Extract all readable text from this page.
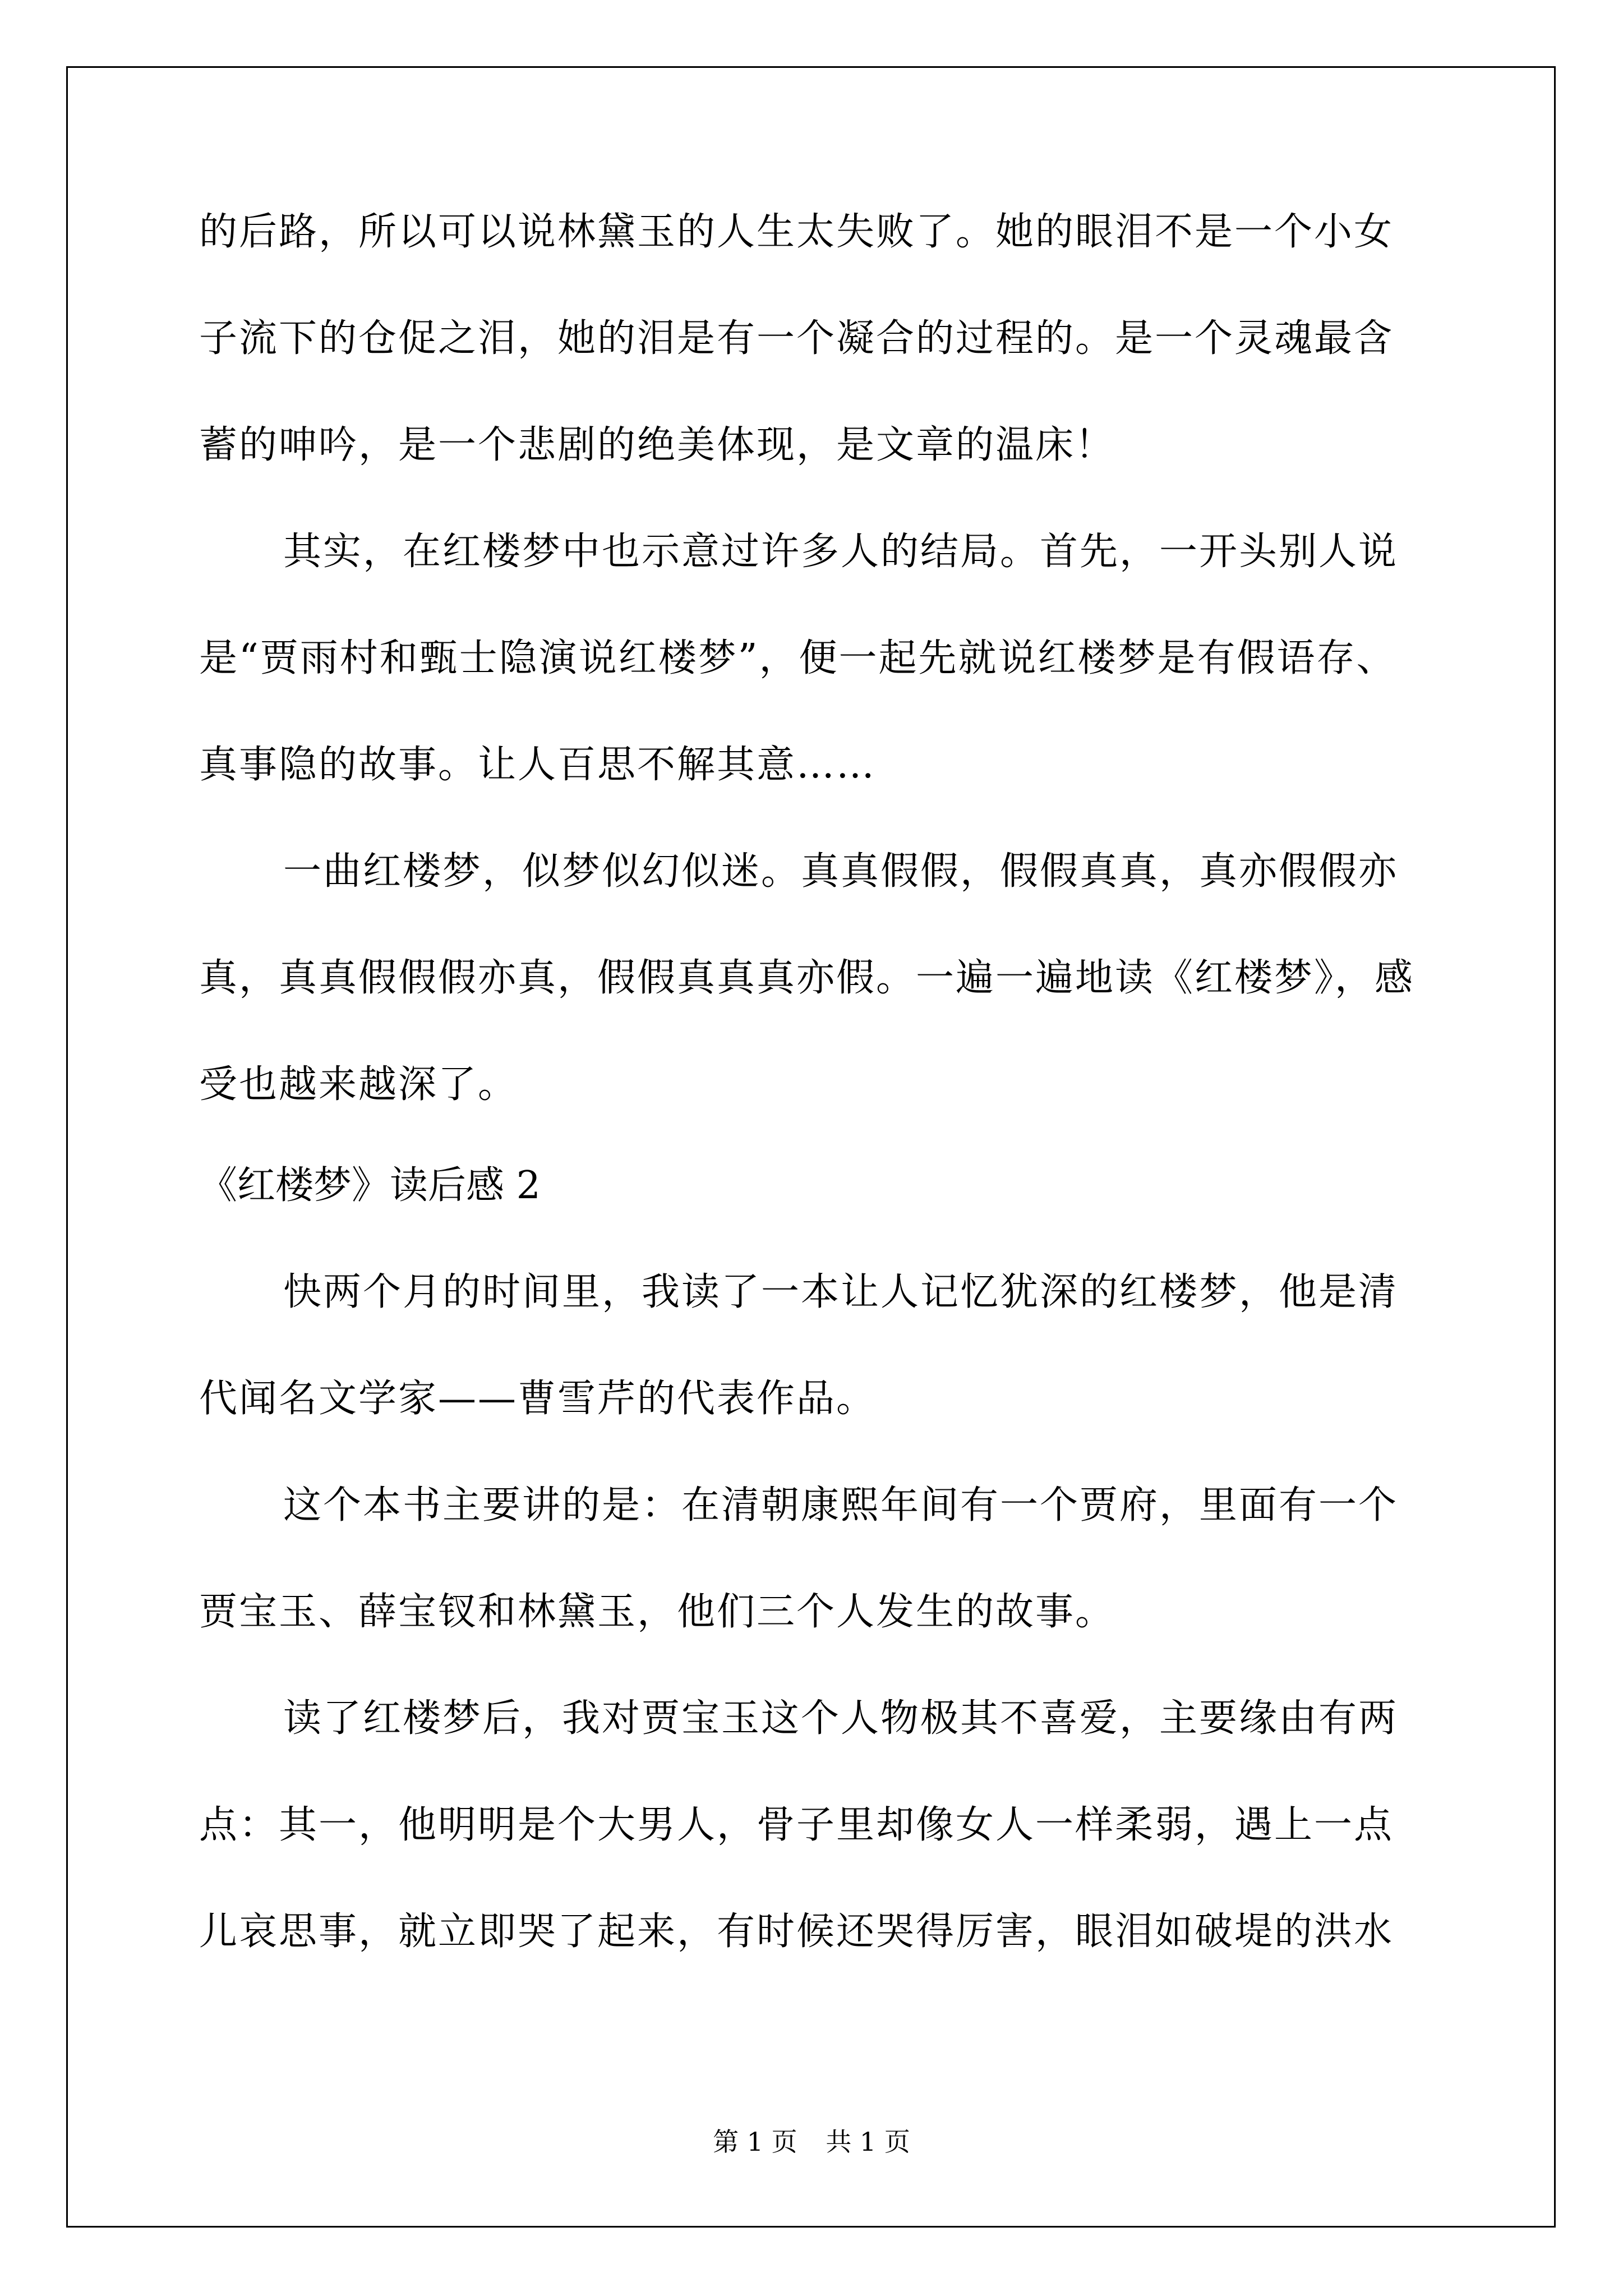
的后路，所以可以说林黛玉的人生太失败了。她的眼泪不是一个小女
子流下的仓促之泪，她的泪是有一个凝合的过程的。是一个灵魂最含
蓄的呻吟，是一个悲剧的绝美体现，是文章的温床！
其实，在红楼梦中也示意过许多人的结局。首先，一开头别人说
是“贾雨村和甄士隐演说红楼梦”，便一起先就说红楼梦是有假语存、
真事隐的故事。让人百思不解其意……
一曲红楼梦，似梦似幻似迷。真真假假，假假真真，真亦假假亦
真，真真假假假亦真，假假真真真亦假。一遍一遍地读《红楼梦》，感
受也越来越深了。
《红楼梦》读后感 2
快两个月的时间里，我读了一本让人记忆犹深的红楼梦，他是清
代闻名文学家——曹雪芹的代表作品。
这个本书主要讲的是：在清朝康熙年间有一个贾府，里面有一个
贾宝玉、薛宝钗和林黛玉，他们三个人发生的故事。
读了红楼梦后，我对贾宝玉这个人物极其不喜爱，主要缘由有两
点：其一，他明明是个大男人，骨子里却像女人一样柔弱，遇上一点
儿哀思事，就立即哭了起来，有时候还哭得厉害，眼泪如破堤的洪水
第 1 页 共 1 页
